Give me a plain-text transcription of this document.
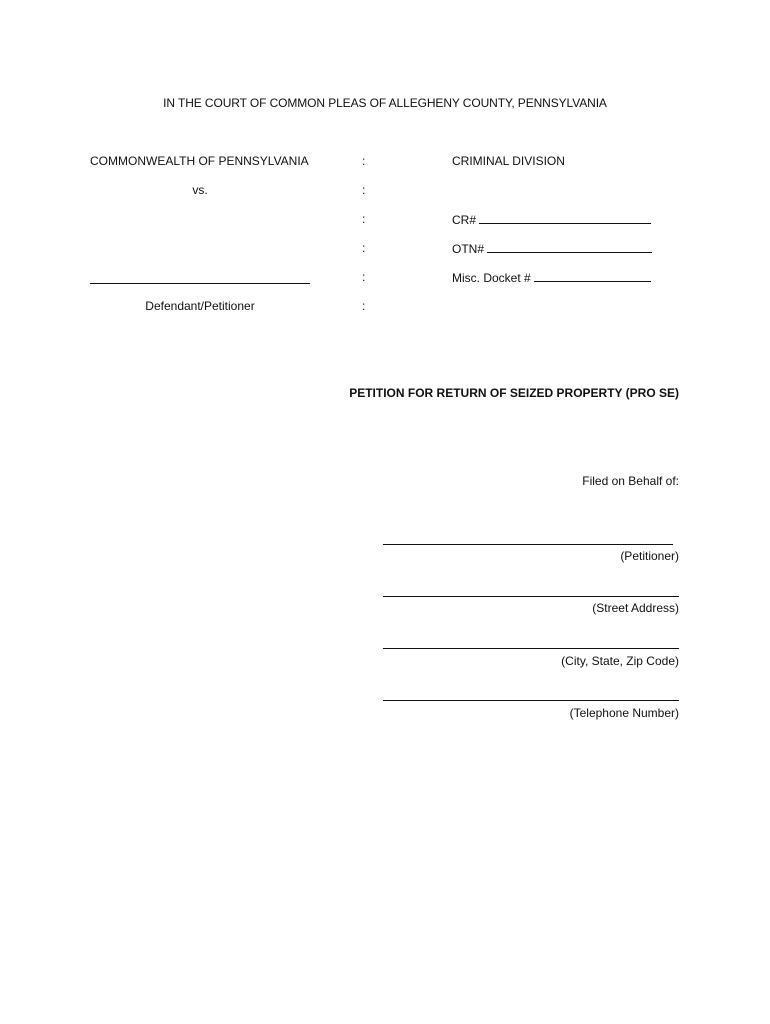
IN THE COURT OF COMMON PLEAS OF ALLEGHENY COUNTY, PENNSYLVANIA
COMMONWEALTH OF PENNSYLVANIA
vs.
Defendant/Petitioner
:
:
:
:
:
:
CRIMINAL DIVISION
CR#
OTN#
Misc. Docket #
PETITION FOR RETURN OF SEIZED PROPERTY (PRO SE)
Filed on Behalf of:
(Petitioner)
(Street Address)
(City, State, Zip Code)
(Telephone Number)
